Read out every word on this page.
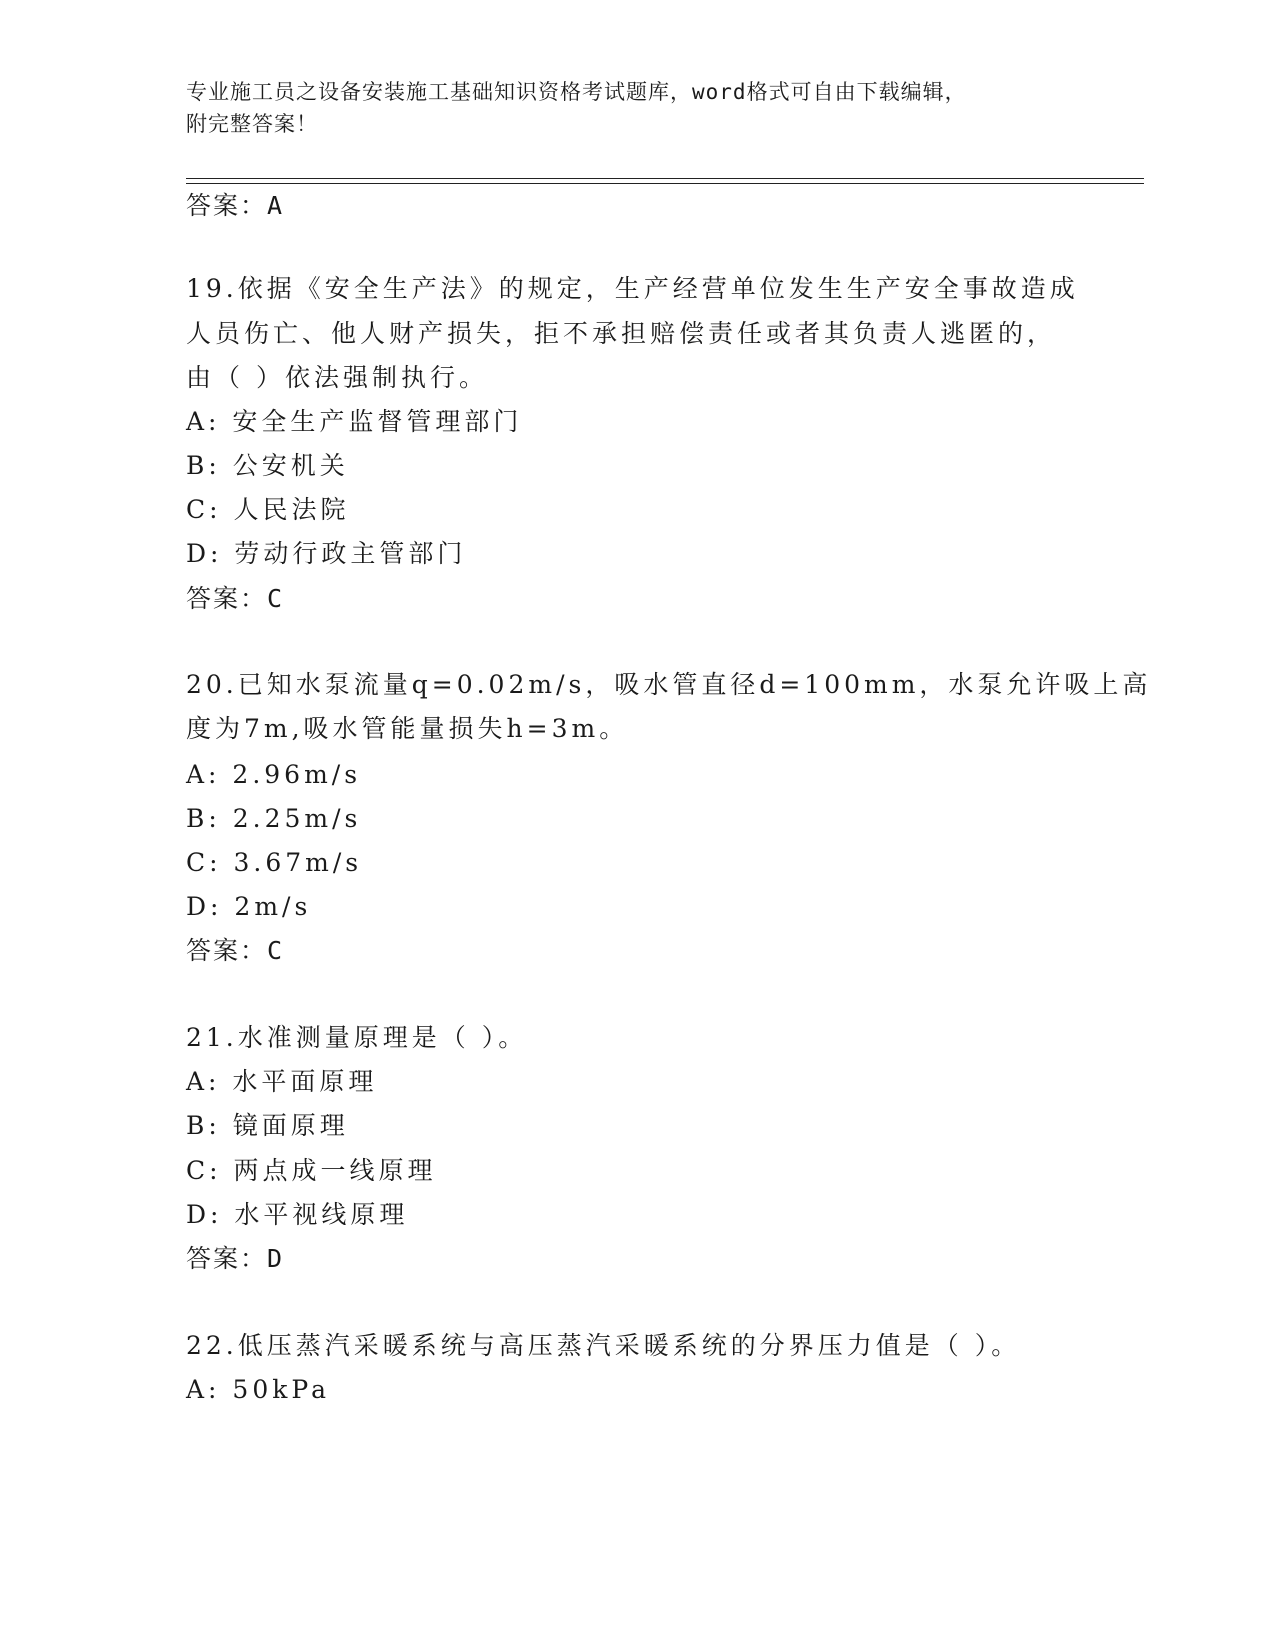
专业施工员之设备安装施工基础知识资格考试题库，word格式可自由下载编辑，
附完整答案！
答案：A
19.依据《安全生产法》的规定，生产经营单位发生生产安全事故造成
人员伤亡、他人财产损失，拒不承担赔偿责任或者其负责人逃匿的，
由（ ）依法强制执行。
A: 安全生产监督管理部门
B: 公安机关
C: 人民法院
D: 劳动行政主管部门
答案：C
20.已知水泵流量q=0.02m/s，吸水管直径d=100mm，水泵允许吸上高
度为7m,吸水管能量损失h=3m。
A: 2.96m/s
B: 2.25m/s
C: 3.67m/s
D: 2m/s
答案：C
21.水准测量原理是（ ）。
A: 水平面原理
B: 镜面原理
C: 两点成一线原理
D: 水平视线原理
答案：D
22.低压蒸汽采暖系统与高压蒸汽采暖系统的分界压力值是（ ）。
A: 50kPa
